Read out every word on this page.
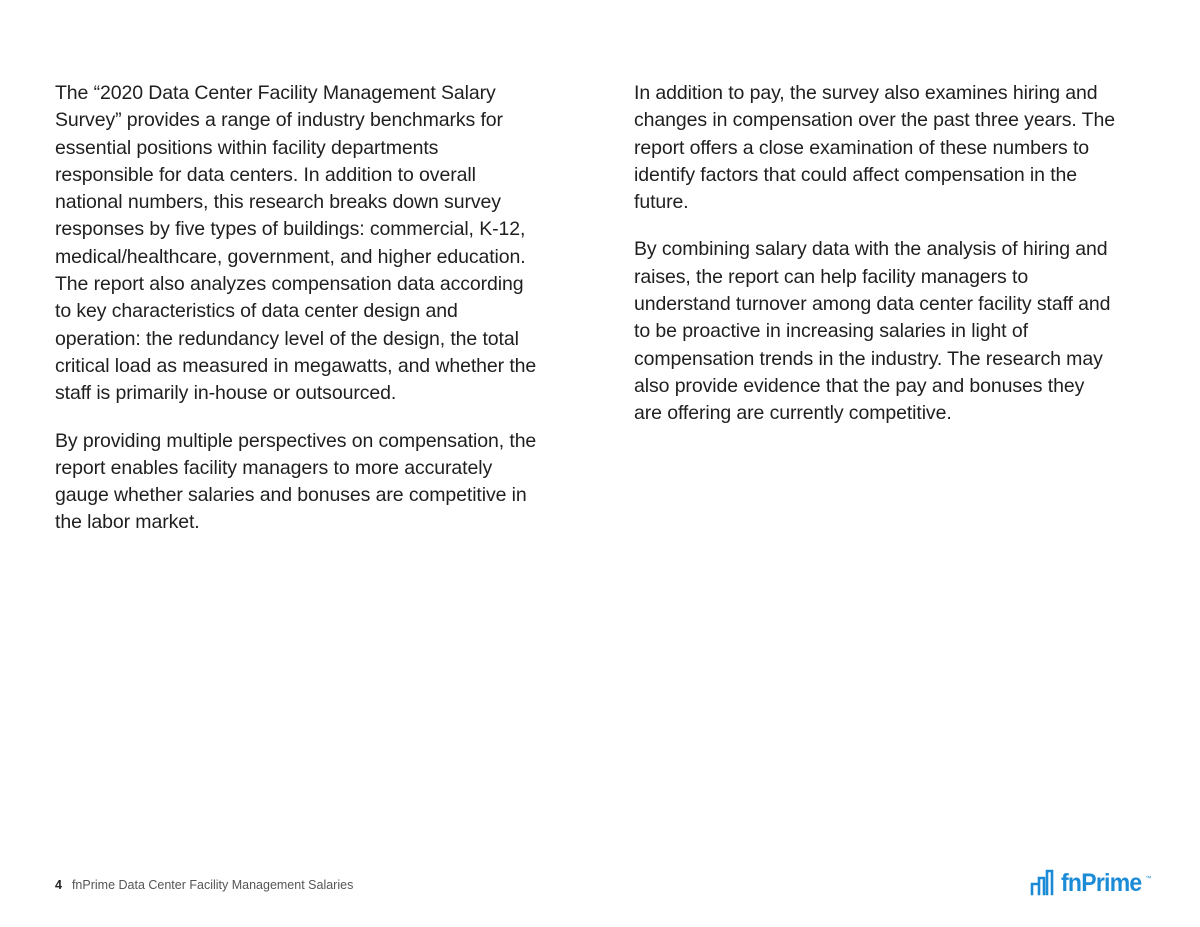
The “2020 Data Center Facility Management Salary Survey” provides a range of industry benchmarks for essential positions within facility departments responsible for data centers. In addition to overall national numbers, this research breaks down survey responses by five types of buildings: commercial, K-12, medical/healthcare, government, and higher education. The report also analyzes compensation data according to key characteristics of data center design and operation: the redundancy level of the design, the total critical load as measured in megawatts, and whether the staff is primarily in-house or outsourced.

By providing multiple perspectives on compensation, the report enables facility managers to more accurately gauge whether salaries and bonuses are competitive in the labor market.

In addition to pay, the survey also examines hiring and changes in compensation over the past three years. The report offers a close examination of these numbers to identify factors that could affect compensation in the future.

By combining salary data with the analysis of hiring and raises, the report can help facility managers to understand turnover among data center facility staff and to be proactive in increasing salaries in light of compensation trends in the industry. The research may also provide evidence that the pay and bonuses they are offering are currently competitive.

4 fnPrime Data Center Facility Management Salaries	fnPrime ™
